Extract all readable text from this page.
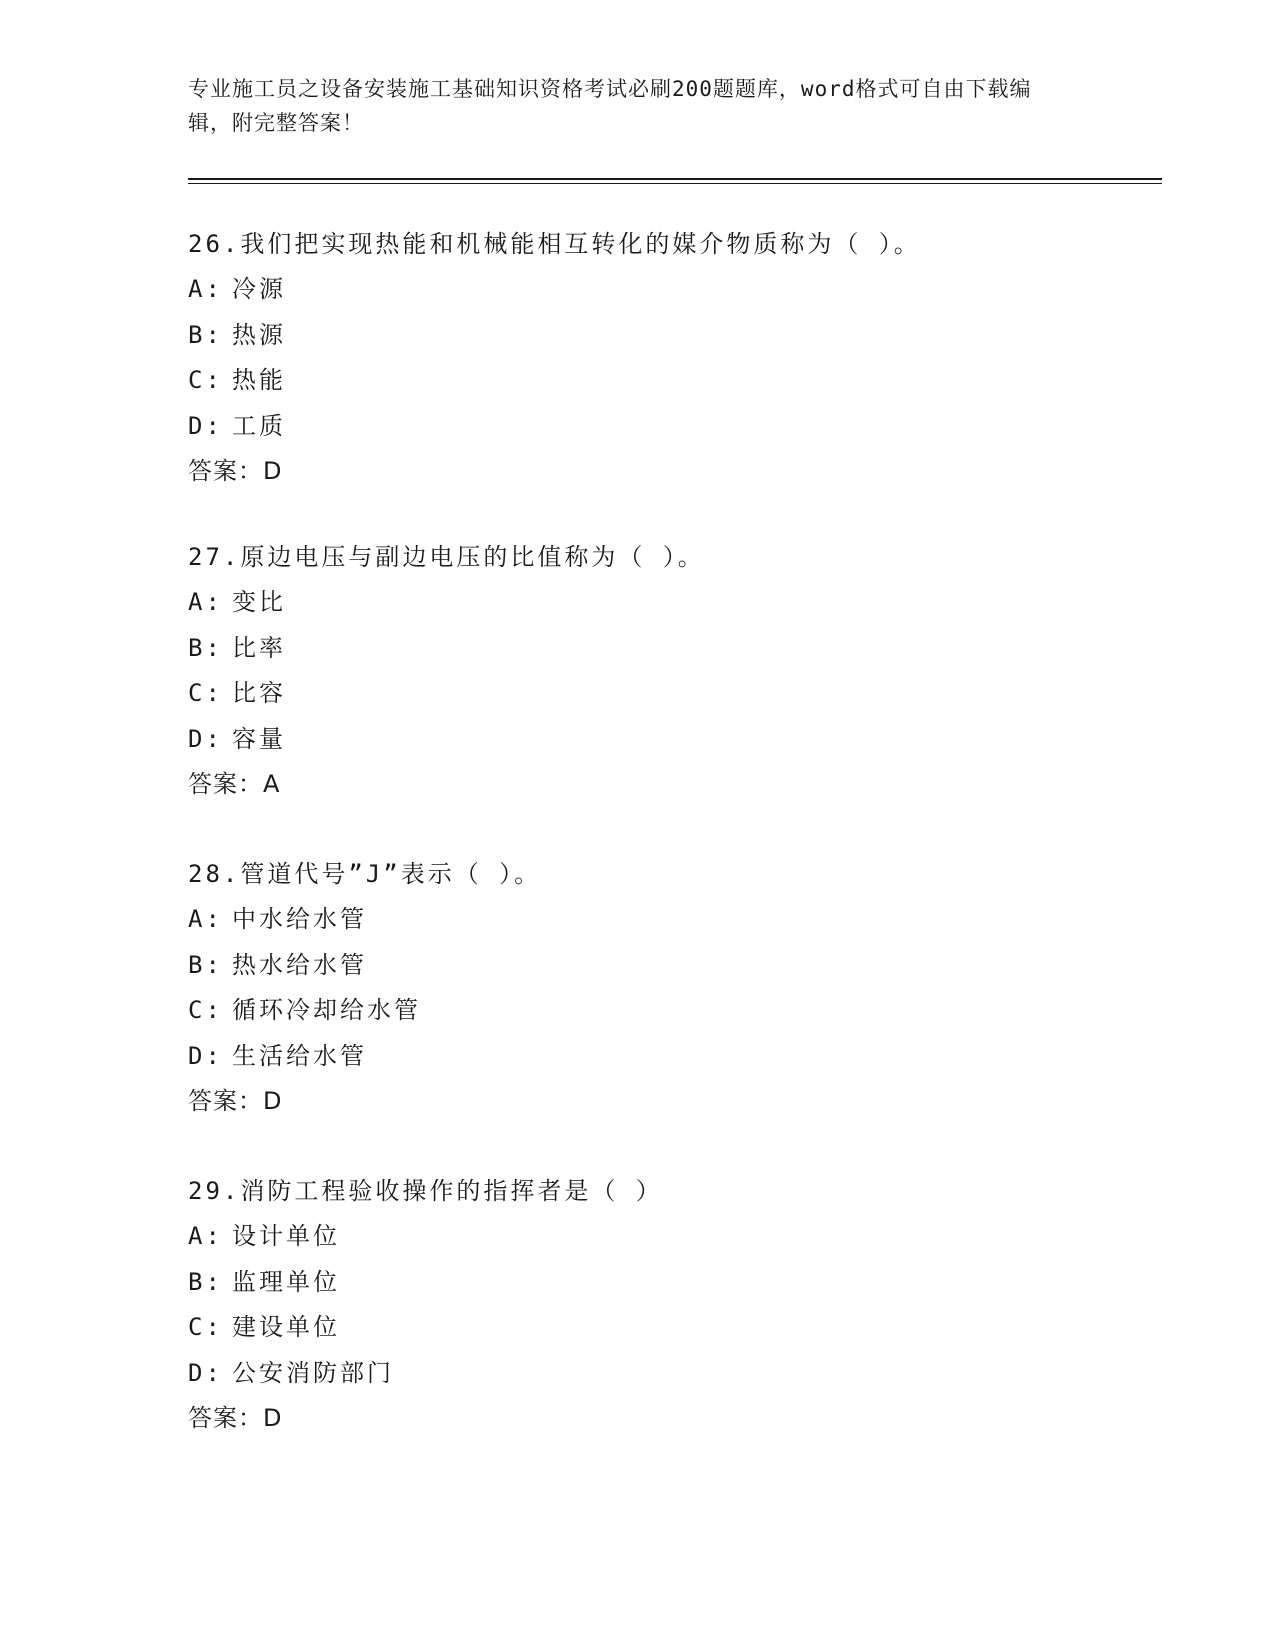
专业施工员之设备安装施工基础知识资格考试必刷200题题库，word格式可自由下载编辑，附完整答案！
26.我们把实现热能和机械能相互转化的媒介物质称为（ ）。
A: 冷源
B: 热源
C: 热能
D: 工质
答案：D
27.原边电压与副边电压的比值称为（ ）。
A: 变比
B: 比率
C: 比容
D: 容量
答案：A
28.管道代号”J”表示（ ）。
A: 中水给水管
B: 热水给水管
C: 循环冷却给水管
D: 生活给水管
答案：D
29.消防工程验收操作的指挥者是（ ）
A: 设计单位
B: 监理单位
C: 建设单位
D: 公安消防部门
答案：D
